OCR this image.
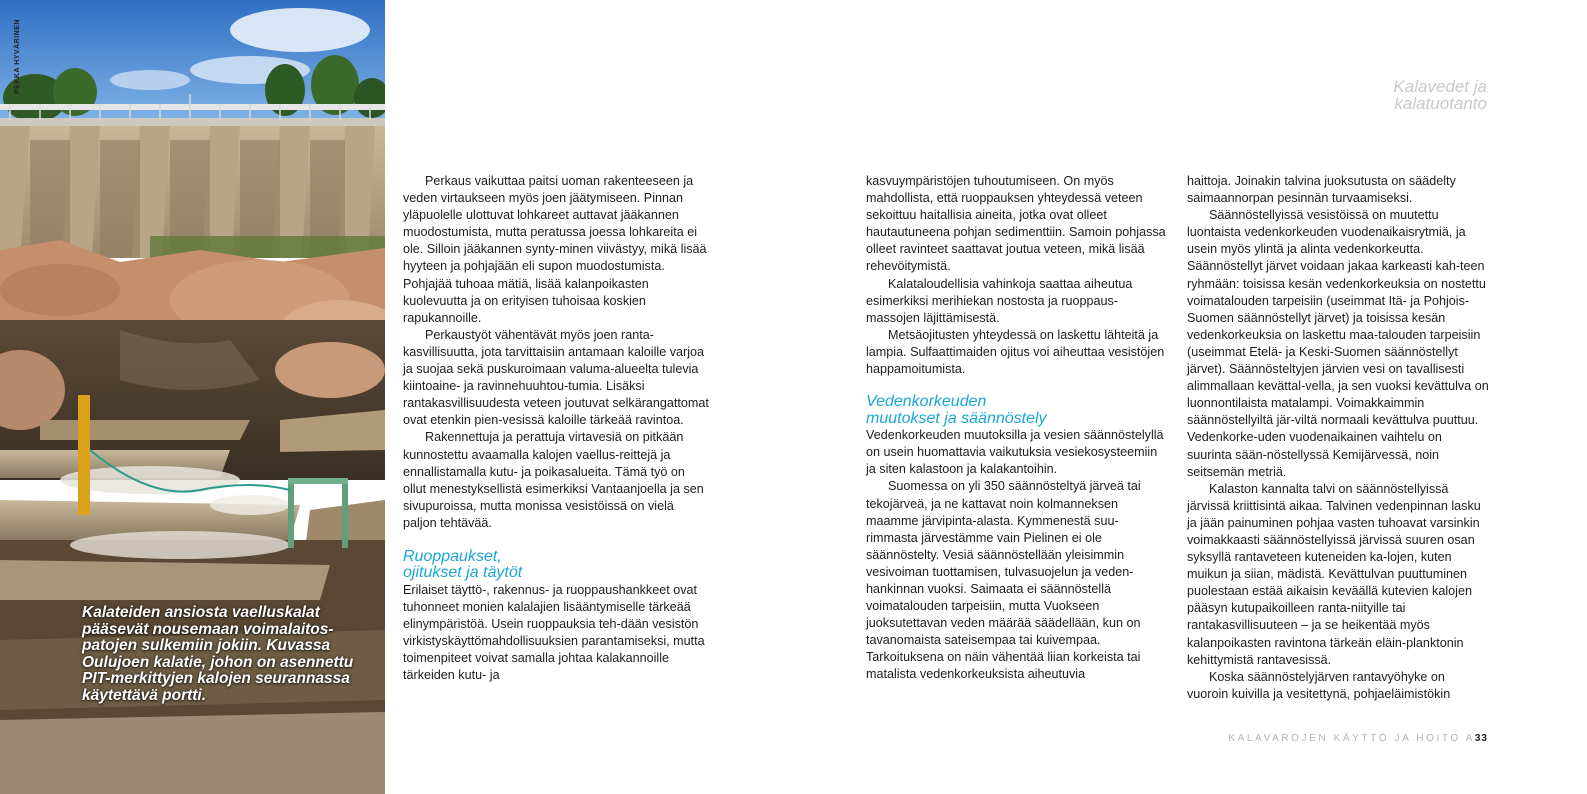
PEKKA HYVÄRINEN
Kalateiden ansiosta vaelluskalat pääsevät nousemaan voimalaitos-patojen sulkemiin jokiin. Kuvassa Oulujoen kalatie, johon on asennettu PIT-merkittyjen kalojen seurannassa käytettävä portti.
Kalavedet ja
kalatuotanto

Perkaus vaikuttaa paitsi uoman rakenteeseen ja veden virtaukseen myös joen jäätymiseen. Pinnan yläpuolelle ulottuvat lohkareet auttavat jääkannen muodostumista, mutta peratussa joessa lohkareita ei ole. Silloin jääkannen synty-minen viivästyy, mikä lisää hyyteen ja pohjajään eli supon muodostumista. Pohjajää tuhoaa mätiä, lisää kalanpoikasten kuolevuutta ja on erityisen tuhoisaa koskien rapukannoille.

Perkaustyöt vähentävät myös joen ranta-kasvillisuutta, jota tarvittaisiin antamaan kaloille varjoa ja suojaa sekä puskuroimaan valuma-alueelta tulevia kiintoaine- ja ravinnehuuhtou-tumia. Lisäksi rantakasvillisuudesta veteen joutuvat selkärangattomat ovat etenkin pien-vesissä kaloille tärkeää ravintoa.

Rakennettuja ja perattuja virtavesiä on pitkään kunnostettu avaamalla kalojen vaellus-reittejä ja ennallistamalla kutu- ja poikasalueita. Tämä työ on ollut menestyksellistä esimerkiksi Vantaanjoella ja sen sivupuroissa, mutta monissa vesistöissä on vielä paljon tehtävää.

Ruoppaukset,
ojitukset ja täytöt

Erilaiset täyttö-, rakennus- ja ruoppaushankkeet ovat tuhonneet monien kalalajien lisääntymiselle tärkeää elinympäristöä. Usein ruoppauksia teh-dään vesistön virkistyskäyttömahdollisuuksien parantamiseksi, mutta toimenpiteet voivat samalla johtaa kalakannoille tärkeiden kutu- ja

kasvuympäristöjen tuhoutumiseen. On myös mahdollista, että ruoppauksen yhteydessä veteen sekoittuu haitallisia aineita, jotka ovat olleet hautautuneena pohjan sedimenttiin. Samoin pohjassa olleet ravinteet saattavat joutua veteen, mikä lisää rehevöitymistä.

Kalataloudellisia vahinkoja saattaa aiheutua esimerkiksi merihiekan nostosta ja ruoppaus-massojen läjittämisestä.

Metsäojitusten yhteydessä on laskettu lähteitä ja lampia. Sulfaattimaiden ojitus voi aiheuttaa vesistöjen happamoitumista.

Vedenkorkeuden
muutokset ja säännöstely

Vedenkorkeuden muutoksilla ja vesien säännöstelyllä on usein huomattavia vaikutuksia vesiekosysteemiin ja siten kalastoon ja kalakantoihin.

Suomessa on yli 350 säännösteltyä järveä tai tekojärveä, ja ne kattavat noin kolmanneksen maamme järvipinta-alasta. Kymmenestä suu-rimmasta järvestämme vain Pielinen ei ole säännöstelty. Vesiä säännöstellään yleisimmin vesivoiman tuottamisen, tulvasuojelun ja veden-hankinnan vuoksi. Saimaata ei säännöstellä voimatalouden tarpeisiin, mutta Vuokseen juoksutettavan veden määrää säädellään, kun on tavanomaista sateisempaa tai kuivempaa. Tarkoituksena on näin vähentää liian korkeista tai matalista vedenkorkeuksista aiheutuvia

haittoja. Joinakin talvina juoksutusta on säädelty saimaannorpan pesinnän turvaamiseksi.

Säännöstellyissä vesistöissä on muutettu luontaista vedenkorkeuden vuodenaikaisrytmiä, ja usein myös ylintä ja alinta vedenkorkeutta. Säännöstellyt järvet voidaan jakaa karkeasti kah-teen ryhmään: toisissa kesän vedenkorkeuksia on nostettu voimatalouden tarpeisiin (useimmat Itä- ja Pohjois-Suomen säännöstellyt järvet) ja toisissa kesän vedenkorkeuksia on laskettu maa-talouden tarpeisiin (useimmat Etelä- ja Keski-Suomen säännöstellyt järvet). Säännösteltyjen järvien vesi on tavallisesti alimmallaan kevättal-vella, ja sen vuoksi kevättulva on luonnontilaista matalampi. Voimakkaimmin säännöstellyiltä jär-viltä normaali kevättulva puuttuu. Vedenkorke-uden vuodenaikainen vaihtelu on suurinta sään-nöstellyssä Kemijärvessä, noin seitsemän metriä.

Kalaston kannalta talvi on säännöstellyissä järvissä kriittisintä aikaa. Talvinen vedenpinnan lasku ja jään painuminen pohjaa vasten tuhoavat varsinkin voimakkaasti säännöstellyissä järvissä suuren osan syksyllä rantaveteen kuteneiden ka-lojen, kuten muikun ja siian, mädistä. Kevättulvan puuttuminen puolestaan estää aikaisin keväällä kutevien kalojen pääsyn kutupaikoilleen ranta-niityille tai rantakasvillisuuteen – ja se heikentää myös kalanpoikasten ravintona tärkeän eläin-planktonin kehittymistä rantavesissä.

Koska säännöstelyjärven rantavyöhyke on vuoroin kuivilla ja vesitettynä, pohjaeläimistökin

KALAVAROJEN KÄYTTÖ JA HOITO A33
